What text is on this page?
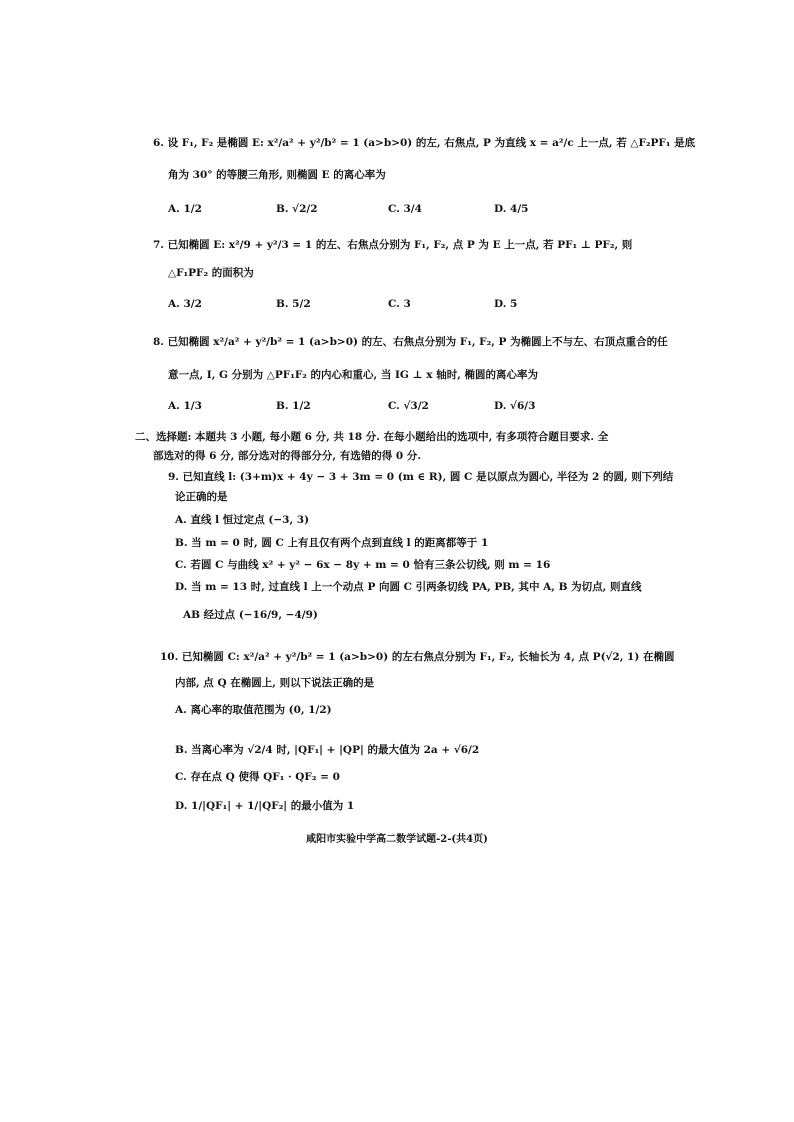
6. 设 F₁, F₂ 是椭圆 E: x²/a² + y²/b² = 1 (a>b>0) 的左, 右焦点, P 为直线 x = a²/c 上一点, 若 △F₂PF₁ 是底
角为 30° 的等腰三角形, 则椭圆 E 的离心率为
A. 1/2	B. √2/2	C. 3/4	D. 4/5
7. 已知椭圆 E: x²/9 + y²/3 = 1 的左、右焦点分别为 F₁, F₂, 点 P 为 E 上一点, 若 PF₁ ⊥ PF₂, 则
△F₁PF₂ 的面积为
A. 3/2	B. 5/2	C. 3	D. 5
8. 已知椭圆 x²/a² + y²/b² = 1 (a>b>0) 的左、右焦点分别为 F₁, F₂, P 为椭圆上不与左、右顶点重合的任
意一点, I, G 分别为 △PF₁F₂ 的内心和重心, 当 IG ⊥ x 轴时, 椭圆的离心率为
A. 1/3	B. 1/2	C. √3/2	D. √6/3
二、选择题: 本题共 3 小题, 每小题 6 分, 共 18 分. 在每小题给出的选项中, 有多项符合题目要求. 全
部选对的得 6 分, 部分选对的得部分分, 有选错的得 0 分.
9. 已知直线 l: (3+m)x + 4y − 3 + 3m = 0 (m ∈ R), 圆 C 是以原点为圆心, 半径为 2 的圆, 则下列结
论正确的是
A. 直线 l 恒过定点 (−3, 3)
B. 当 m = 0 时, 圆 C 上有且仅有两个点到直线 l 的距离都等于 1
C. 若圆 C 与曲线 x² + y² − 6x − 8y + m = 0 恰有三条公切线, 则 m = 16
D. 当 m = 13 时, 过直线 l 上一个动点 P 向圆 C 引两条切线 PA, PB, 其中 A, B 为切点, 则直线
AB 经过点 (−16/9, −4/9)
10. 已知椭圆 C: x²/a² + y²/b² = 1 (a>b>0) 的左右焦点分别为 F₁, F₂, 长轴长为 4, 点 P(√2, 1) 在椭圆
内部, 点 Q 在椭圆上, 则以下说法正确的是
A. 离心率的取值范围为 (0, 1/2)
B. 当离心率为 √2/4 时, |QF₁| + |QP| 的最大值为 2a + √6/2
C. 存在点 Q 使得 QF₁ · QF₂ = 0
D. 1/|QF₁| + 1/|QF₂| 的最小值为 1
咸阳市实验中学高二数学试题-2-(共4页)
